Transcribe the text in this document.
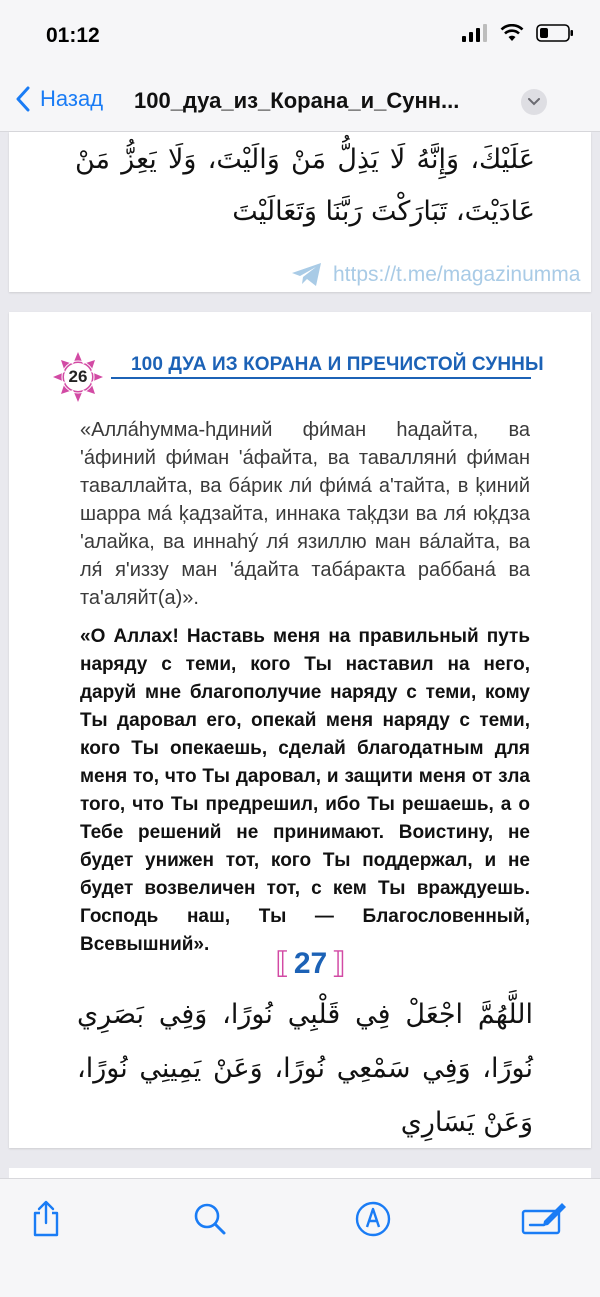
01:12
Назад 100_дуа_из_Корана_и_Сунн...
عَلَيْكَ، وَإِنَّهُ لَا يَذِلُّ مَنْ وَالَيْتَ، وَلَا يَعِزُّ مَنْ عَادَيْتَ، تَبَارَكْتَ رَبَّنَا وَتَعَالَيْتَ
https://t.me/magazinumma
26
100 ДУА ИЗ КОРАНА И ПРЕЧИСТОЙ СУННЫ
«Аллáhумма-hдиний фи́ман hадайта, ва 'áфиний фи́ман 'áфайта, ва тавалляни́ фи́ман таваллайта, ва бáрик ли́ фи́мá а'тайта, в ķиний шарра мá ķадзайта, иннака таķдзи ва ля́ юķдза 'алайка, ва иннаhý ля́ язиллю ман вáлайта, ва ля́ я'иззу ман 'áдайта табáракта раббанá ва та'аляйт(а)».
«О Аллах! Наставь меня на правильный путь наряду с теми, кого Ты наставил на него, даруй мне благополучие наряду с теми, кому Ты даровал его, опекай меня наряду с теми, кого Ты опекаешь, сделай благодатным для меня то, что Ты даровал, и защити меня от зла того, что Ты предрешил, ибо Ты решаешь, а о Тебе решений не принимают. Воистину, не будет унижен тот, кого Ты поддержал, и не будет возвеличен тот, с кем Ты враждуешь. Господь наш, Ты — Благословенный, Всевышний».
⟦ 27 ⟧
اللَّهُمَّ اجْعَلْ فِي قَلْبِي نُورًا، وَفِي بَصَرِي نُورًا، وَفِي سَمْعِي نُورًا، وَعَنْ يَمِينِي نُورًا، وَعَنْ يَسَارِي
